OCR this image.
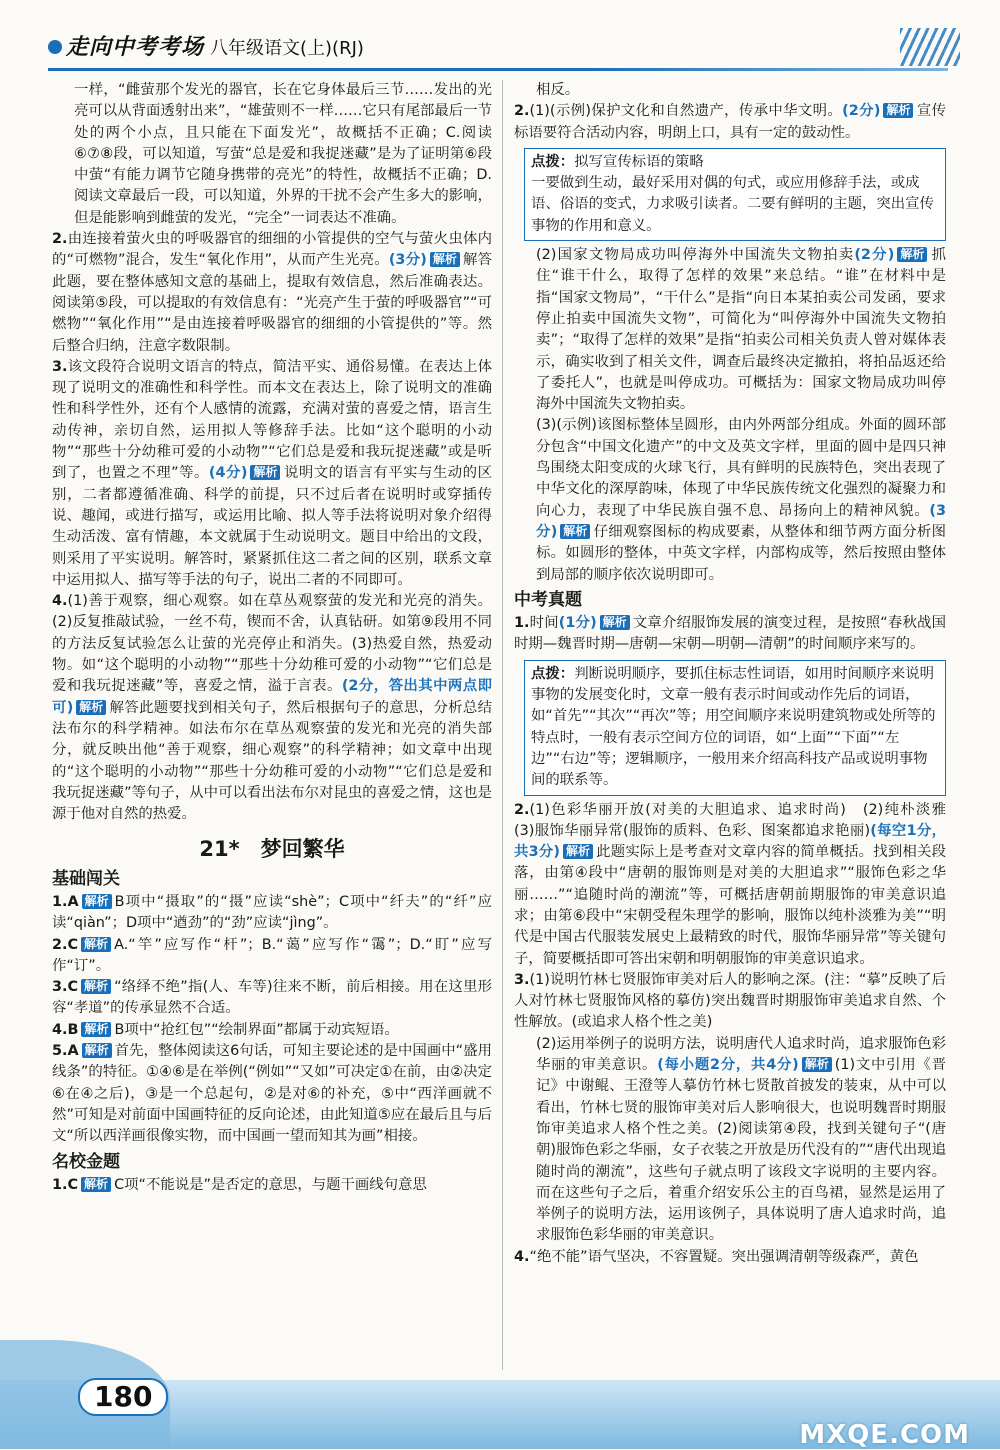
走向中考考场 八年级语文(上)(RJ)

一样，“雌萤那个发光的器官，长在它身体最后三节……发出的光亮可以从背面透射出来”，“雄萤则不一样……它只有尾部最后一节处的两个小点，且只能在下面发光”，故概括不正确；C.阅读⑥⑦⑧段，可以知道，写萤“总是爱和我捉迷藏”是为了证明第⑥段中萤“有能力调节它随身携带的亮光”的特性，故概括不正确；D.阅读文章最后一段，可以知道，外界的干扰不会产生多大的影响，但是能影响到雌萤的发光，“完全”一词表达不准确。

2.由连接着萤火虫的呼吸器官的细细的小管提供的空气与萤火虫体内的“可燃物”混合，发生“氧化作用”，从而产生光亮。(3分) 解析 解答此题，要在整体感知文意的基础上，提取有效信息，然后准确表达。阅读第⑤段，可以提取的有效信息有：“光亮产生于萤的呼吸器官”“可燃物”“氧化作用”“是由连接着呼吸器官的细细的小管提供的”等。然后整合归纳，注意字数限制。

3.该文段符合说明文语言的特点，简洁平实、通俗易懂。在表达上体现了说明文的准确性和科学性。而本文在表达上，除了说明文的准确性和科学性外，还有个人感情的流露，充满对萤的喜爱之情，语言生动传神，亲切自然，运用拟人等修辞手法。比如“这个聪明的小动物”“那些十分幼稚可爱的小动物”“它们总是爱和我玩捉迷藏”或是听到了，也置之不理”等。(4分) 解析 说明文的语言有平实与生动的区别，二者都遵循准确、科学的前提，只不过后者在说明时或穿插传说、趣闻，或进行描写，或运用比喻、拟人等手法将说明对象介绍得生动活泼、富有情趣，本文就属于生动说明文。题目中给出的文段，则采用了平实说明。解答时，紧紧抓住这二者之间的区别，联系文章中运用拟人、描写等手法的句子，说出二者的不同即可。

4.(1)善于观察，细心观察。如在草丛观察萤的发光和光亮的消失。(2)反复推敲试验，一丝不苟，锲而不舍，认真钻研。如第⑨段用不同的方法反复试验怎么让萤的光亮停止和消失。(3)热爱自然，热爱动物。如“这个聪明的小动物”“那些十分幼稚可爱的小动物”“它们总是爱和我玩捉迷藏”等，喜爱之情，溢于言表。(2分，答出其中两点即可) 解析 解答此题要找到相关句子，然后根据句子的意思，分析总结法布尔的科学精神。如法布尔在草丛观察萤的发光和光亮的消失部分，就反映出他“善于观察，细心观察”的科学精神；如文章中出现的“这个聪明的小动物”“那些十分幼稚可爱的小动物”“它们总是爱和我玩捉迷藏”等句子，从中可以看出法布尔对昆虫的喜爱之情，这也是源于他对自然的热爱。

21*　梦回繁华
基础闯关

1.A 解析 B项中“摄取”的“摄”应读“shè”；C项中“纤夫”的“纤”应读“qiàn”；D项中“遒劲”的“劲”应读“jìng”。

2.C 解析 A.“竿”应写作“杆”；B.“蔼”应写作“霭”；D.“盯”应写作“订”。

3.C 解析 “络绎不绝”指(人、车等)往来不断，前后相接。用在这里形容“孝道”的传承显然不合适。

4.B 解析 B项中“抢红包”“绘制界面”都属于动宾短语。

5.A 解析 首先，整体阅读这6句话，可知主要论述的是中国画中“盛用线条”的特征。①④⑥是在举例(“例如”“又如”可决定①在前，由②决定⑥在④之后)，③是一个总起句，②是对⑥的补充，⑤中“西洋画就不然”可知是对前面中国画特征的反向论述，由此知道⑤应在最后且与后文“所以西洋画很像实物，而中国画一望而知其为画”相接。

名校金题

1.C 解析 C项“不能说是”是否定的意思，与题干画线句意思

相反。

2.(1)(示例)保护文化和自然遗产，传承中华文明。(2分) 解析 宣传标语要符合活动内容，明朗上口，具有一定的鼓动性。

点拨：拟写宣传标语的策略
一要做到生动，最好采用对偶的句式，或应用修辞手法，或成语、俗语的变式，力求吸引读者。二要有鲜明的主题，突出宣传事物的作用和意义。

(2)国家文物局成功叫停海外中国流失文物拍卖(2分) 解析 抓住“谁干什么，取得了怎样的效果”来总结。“谁”在材料中是指“国家文物局”，“干什么”是指“向日本某拍卖公司发函，要求停止拍卖中国流失文物”，可简化为“叫停海外中国流失文物拍卖”；“取得了怎样的效果”是指“拍卖公司相关负责人曾对媒体表示，确实收到了相关文件，调查后最终决定撤拍，将拍品返还给了委托人”，也就是叫停成功。可概括为：国家文物局成功叫停海外中国流失文物拍卖。

(3)(示例)该图标整体呈圆形，由内外两部分组成。外面的圆环部分包含“中国文化遗产”的中文及英文字样，里面的圆中是四只神鸟围绕太阳变成的火球飞行，具有鲜明的民族特色，突出表现了中华文化的深厚韵味，体现了中华民族传统文化强烈的凝聚力和向心力，表现了中华民族自强不息、昂扬向上的精神风貌。(3分) 解析 仔细观察图标的构成要素，从整体和细节两方面分析图标。如圆形的整体，中英文字样，内部构成等，然后按照由整体到局部的顺序依次说明即可。

中考真题

1.时间(1分) 解析 文章介绍服饰发展的演变过程，是按照“春秋战国时期—魏晋时期—唐朝—宋朝—明朝—清朝”的时间顺序来写的。

点拨：判断说明顺序，要抓住标志性词语，如用时间顺序来说明事物的发展变化时，文章一般有表示时间或动作先后的词语，如“首先”“其次”“再次”等；用空间顺序来说明建筑物或处所等的特点时，一般有表示空间方位的词语，如“上面”“下面”“左边”“右边”等；逻辑顺序，一般用来介绍高科技产品或说明事物间的联系等。

2.(1)色彩华丽开放(对美的大胆追求、追求时尚)　(2)纯朴淡雅　(3)服饰华丽异常(服饰的质料、色彩、图案都追求艳丽)(每空1分，共3分) 解析 此题实际上是考查对文章内容的简单概括。找到相关段落，由第④段中“唐朝的服饰则是对美的大胆追求”“服饰色彩之华丽……”“追随时尚的潮流”等，可概括唐朝前期服饰的审美意识追求；由第⑥段中“宋朝受程朱理学的影响，服饰以纯朴淡雅为美”“明代是中国古代服装发展史上最精致的时代，服饰华丽异常”等关键句子，简要概括即可答出宋朝和明朝服饰的审美意识追求。

3.(1)说明竹林七贤服饰审美对后人的影响之深。(注：“摹”反映了后人对竹林七贤服饰风格的摹仿)突出魏晋时期服饰审美追求自然、个性解放。(或追求人格个性之美)

(2)运用举例子的说明方法，说明唐代人追求时尚，追求服饰色彩华丽的审美意识。(每小题2分，共4分) 解析 (1)文中引用《晋记》中谢鲲、王澄等人摹仿竹林七贤散首披发的装束，从中可以看出，竹林七贤的服饰审美对后人影响很大，也说明魏晋时期服饰审美追求人格个性之美。(2)阅读第④段，找到关键句子“(唐朝)服饰色彩之华丽，女子衣装之开放是历代没有的”“唐代出现追随时尚的潮流”，这些句子就点明了该段文字说明的主要内容。而在这些句子之后，着重介绍安乐公主的百鸟裙，显然是运用了举例子的说明方法，运用该例子，具体说明了唐人追求时尚，追求服饰色彩华丽的审美意识。

4.“绝不能”语气坚决，不容置疑。突出强调清朝等级森严，黄色

180
MXQE.COM
